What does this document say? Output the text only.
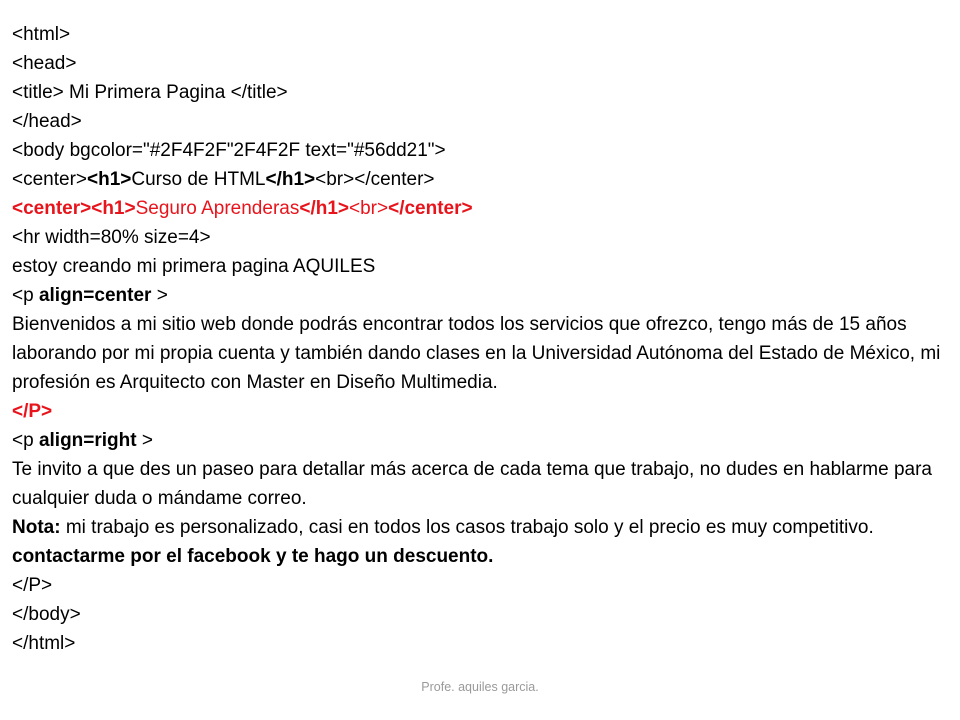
<html>
<head>
<title> Mi Primera Pagina </title>
</head>
<body bgcolor="#2F4F2F"2F4F2F text="#56dd21">
<center><h1>Curso de HTML</h1><br></center>
<center><h1>Seguro Aprenderas</h1><br></center>
<hr width=80% size=4>
estoy creando mi primera pagina AQUILES
<p align=center >
Bienvenidos a mi sitio web donde podrás encontrar todos los servicios que ofrezco, tengo más de 15 años laborando por mi propia cuenta y también dando clases en la Universidad Autónoma del Estado de México, mi profesión es Arquitecto con Master en Diseño Multimedia.
</P>
<p align=right >
Te invito a que des un paseo para detallar más acerca de cada tema que trabajo, no dudes en hablarme para cualquier duda o mándame correo.
Nota: mi trabajo es personalizado, casi en todos los casos trabajo solo y el precio es muy competitivo.
contactarme por el facebook y te hago un descuento.
</P>
</body>
</html>
Profe. aquiles garcia.
